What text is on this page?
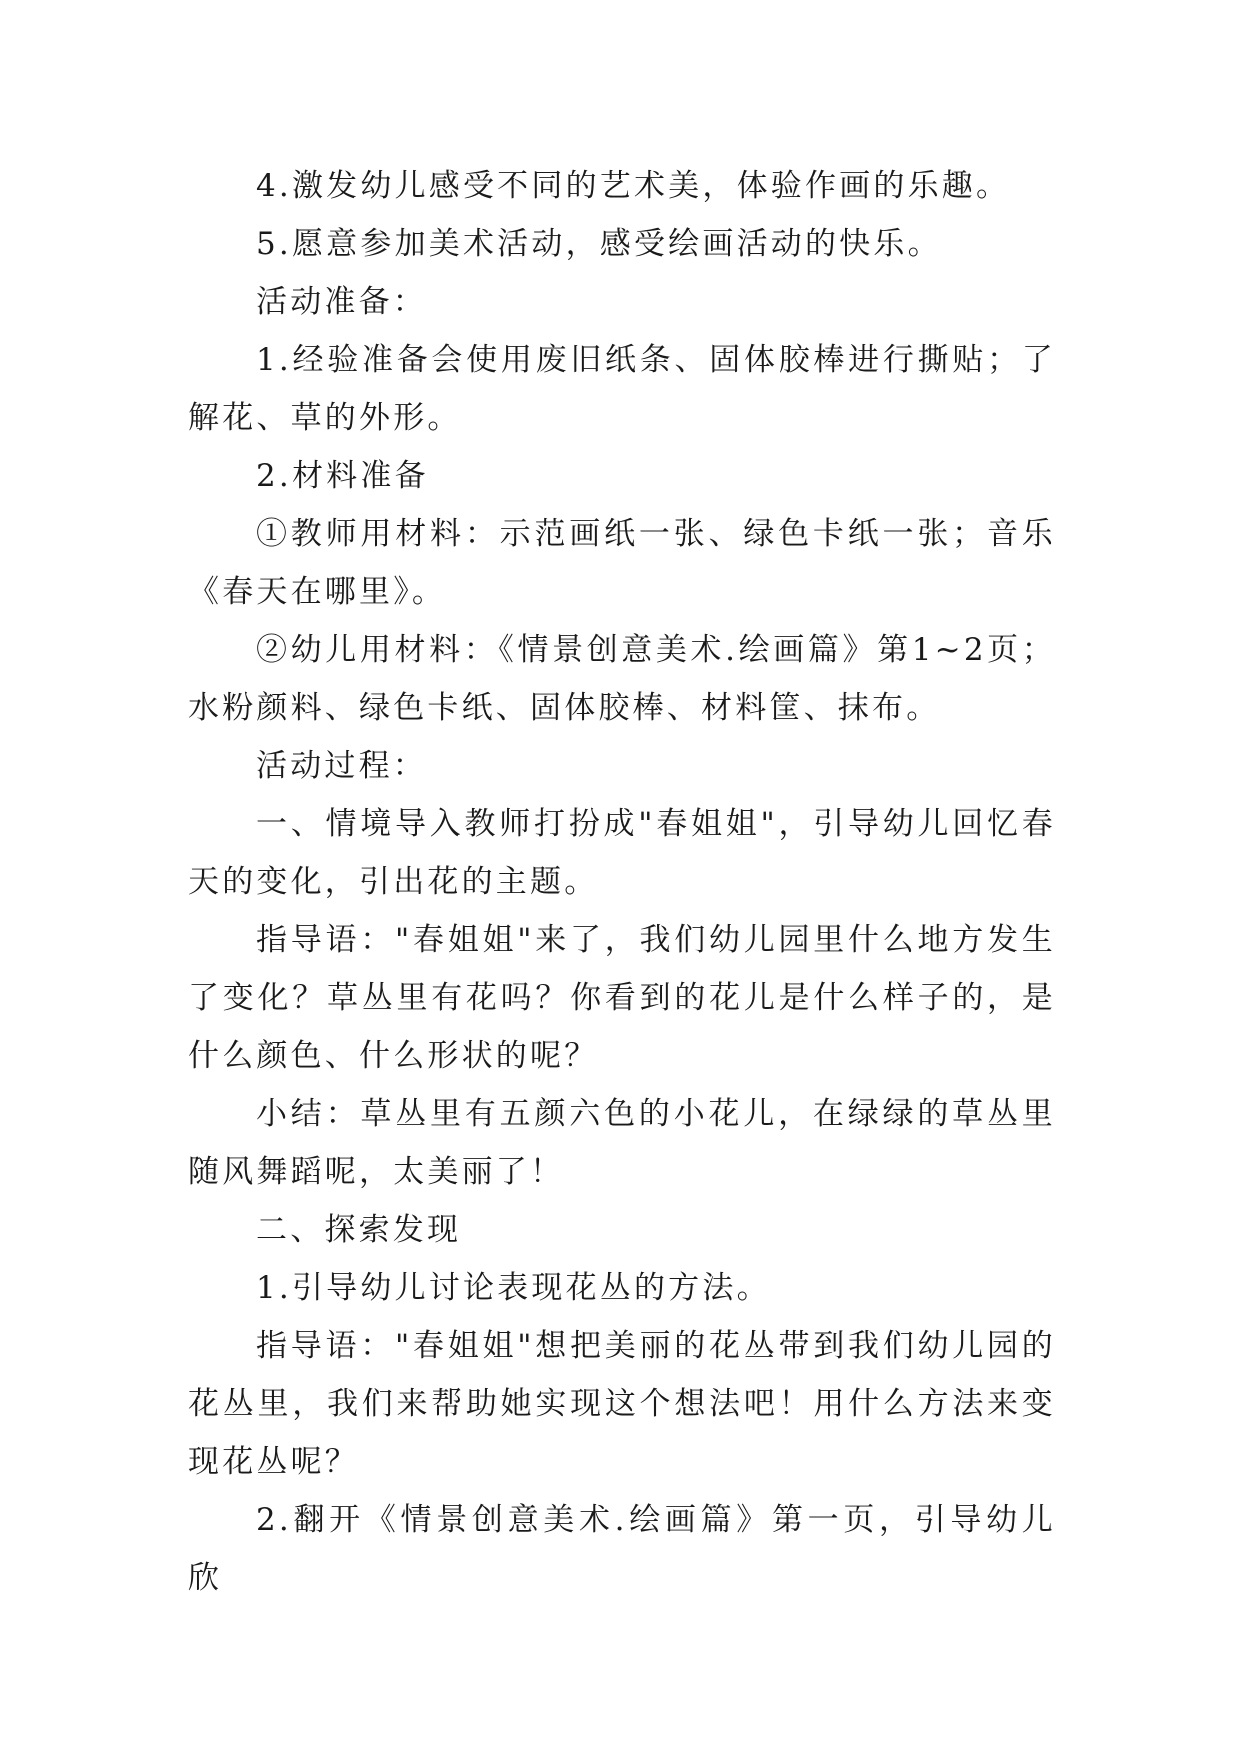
4.激发幼儿感受不同的艺术美，体验作画的乐趣。

5.愿意参加美术活动，感受绘画活动的快乐。

活动准备：

1.经验准备会使用废旧纸条、固体胶棒进行撕贴；了解花、草的外形。

2.材料准备

①教师用材料：示范画纸一张、绿色卡纸一张；音乐《春天在哪里》。

②幼儿用材料：《情景创意美术.绘画篇》第1~2页；水粉颜料、绿色卡纸、固体胶棒、材料筐、抹布。

活动过程：

一、情境导入教师打扮成"春姐姐"，引导幼儿回忆春天的变化，引出花的主题。

指导语："春姐姐"来了，我们幼儿园里什么地方发生了变化？草丛里有花吗？你看到的花儿是什么样子的，是什么颜色、什么形状的呢？

小结：草丛里有五颜六色的小花儿，在绿绿的草丛里随风舞蹈呢，太美丽了！

二、探索发现

1.引导幼儿讨论表现花丛的方法。

指导语："春姐姐"想把美丽的花丛带到我们幼儿园的花丛里，我们来帮助她实现这个想法吧！用什么方法来变现花丛呢？

2.翻开《情景创意美术.绘画篇》第一页，引导幼儿欣
